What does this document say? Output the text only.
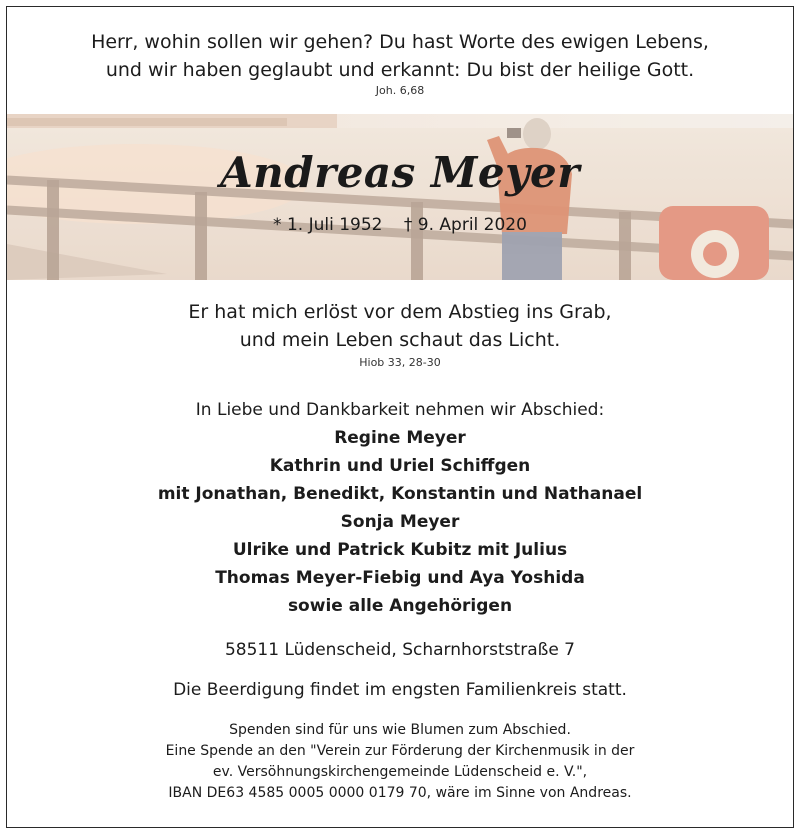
Herr, wohin sollen wir gehen? Du hast Worte des ewigen Lebens,
und wir haben geglaubt und erkannt: Du bist der heilige Gott.
Joh. 6,68
Andreas Meyer
* 1. Juli 1952 † 9. April 2020
Er hat mich erlöst vor dem Abstieg ins Grab,
und mein Leben schaut das Licht.
Hiob 33, 28-30
In Liebe und Dankbarkeit nehmen wir Abschied:
Regine Meyer
Kathrin und Uriel Schiffgen
mit Jonathan, Benedikt, Konstantin und Nathanael
Sonja Meyer
Ulrike und Patrick Kubitz mit Julius
Thomas Meyer-Fiebig und Aya Yoshida
sowie alle Angehörigen
58511 Lüdenscheid, Scharnhorststraße 7
Die Beerdigung findet im engsten Familienkreis statt.
Spenden sind für uns wie Blumen zum Abschied.
Eine Spende an den "Verein zur Förderung der Kirchenmusik in der
ev. Versöhnungskirchengemeinde Lüdenscheid e. V.",
IBAN DE63 4585 0005 0000 0179 70, wäre im Sinne von Andreas.
